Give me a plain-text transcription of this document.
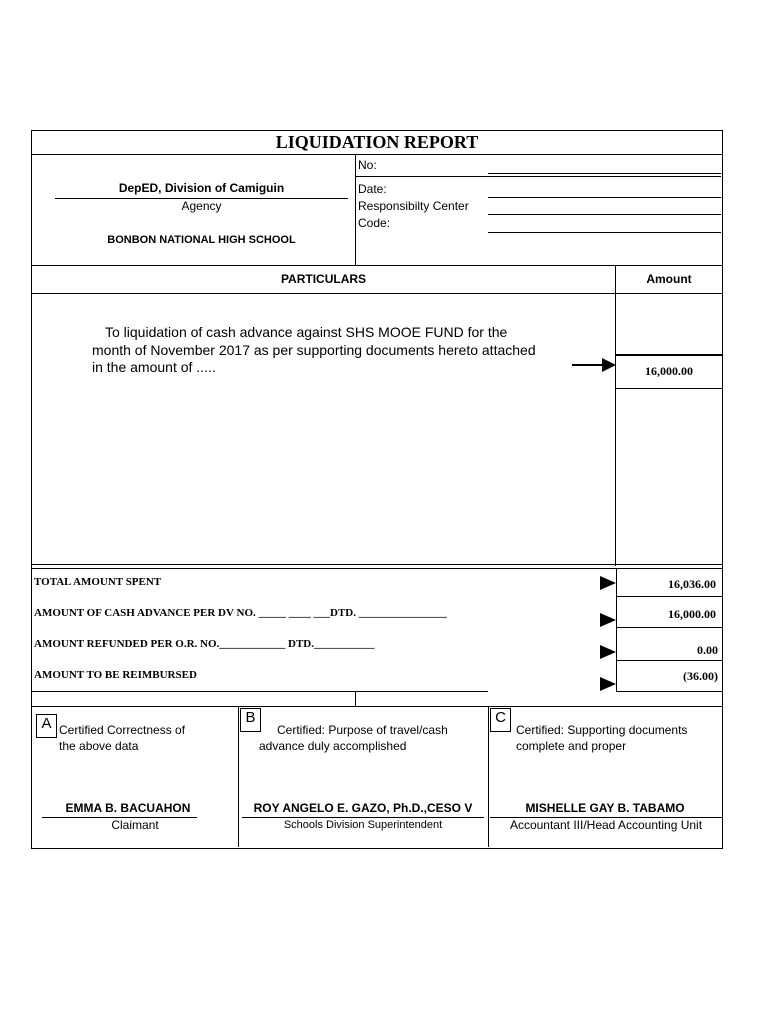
LIQUIDATION REPORT
DepED, Division of Camiguin
Agency
BONBON NATIONAL HIGH SCHOOL
No:
Date:
Responsibilty Center
Code:
PARTICULARS	Amount
To liquidation of cash advance against SHS MOOE FUND for the
month of November 2017 as per supporting documents hereto attached
in the amount of .....	16,000.00
TOTAL AMOUNT SPENT	16,036.00
AMOUNT OF CASH ADVANCE PER DV NO. _____ ____ ___DTD. ________________	16,000.00
AMOUNT REFUNDED PER O.R. NO.____________ DTD.___________	0.00
AMOUNT TO BE REIMBURSED	(36.00)
A Certified Correctness of
the above data
EMMA B. BACUAHON
Claimant
B
Certified: Purpose of travel/cash
advance duly accomplished
ROY ANGELO E. GAZO, Ph.D.,CESO V
Schools Division Superintendent
C
Certified: Supporting documents
complete and proper
MISHELLE GAY B. TABAMO
Accountant III/Head Accounting Unit
